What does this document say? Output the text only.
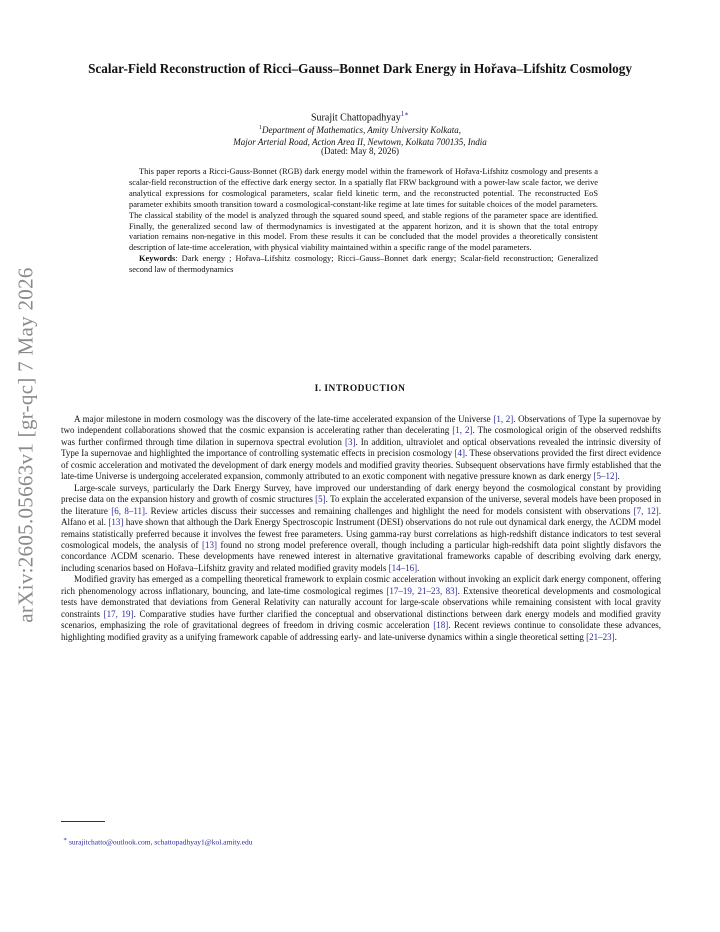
arXiv:2605.05663v1 [gr-qc] 7 May 2026
Scalar-Field Reconstruction of Ricci–Gauss–Bonnet Dark Energy in Hořava–Lifshitz Cosmology
Surajit Chattopadhyay$^{1∗}$
$^1$Department of Mathematics, Amity University Kolkata,
Major Arterial Road, Action Area II, Newtown, Kolkata 700135, India
(Dated: May 8, 2026)

This paper reports a Ricci-Gauss-Bonnet (RGB) dark energy model within the framework of Hořava-Lifshitz cosmology and presents a scalar-field reconstruction of the effective dark energy sector. In a spatially flat FRW background with a power-law scale factor, we derive analytical expressions for cosmological parameters, scalar field kinetic term, and the reconstructed potential. The reconstructed EoS parameter exhibits smooth transition toward a cosmological-constant-like regime at late times for suitable choices of the model parameters. The classical stability of the model is analyzed through the squared sound speed, and stable regions of the parameter space are identified. Finally, the generalized second law of thermodynamics is investigated at the apparent horizon, and it is shown that the total entropy variation remains non-negative in this model. From these results it can be concluded that the model provides a theoretically consistent description of late-time acceleration, with physical viability maintained within a specific range of the model parameters.

Keywords: Dark energy ; Hořava–Lifshitz cosmology; Ricci–Gauss–Bonnet dark energy; Scalar-field reconstruction; Generalized second law of thermodynamics

I. INTRODUCTION

A major milestone in modern cosmology was the discovery of the late-time accelerated expansion of the Universe [1, 2]. Observations of Type Ia supernovae by two independent collaborations showed that the cosmic expansion is accelerating rather than decelerating [1, 2]. The cosmological origin of the observed redshifts was further confirmed through time dilation in supernova spectral evolution [3]. In addition, ultraviolet and optical observations revealed the intrinsic diversity of Type Ia supernovae and highlighted the importance of controlling systematic effects in precision cosmology [4]. These observations provided the first direct evidence of cosmic acceleration and motivated the development of dark energy models and modified gravity theories. Subsequent observations have firmly established that the late-time Universe is undergoing accelerated expansion, commonly attributed to an exotic component with negative pressure known as dark energy [5–12].

Large-scale surveys, particularly the Dark Energy Survey, have improved our understanding of dark energy beyond the cosmological constant by providing precise data on the expansion history and growth of cosmic structures [5]. To explain the accelerated expansion of the universe, several models have been proposed in the literature [6, 8–11]. Review articles discuss their successes and remaining challenges and highlight the need for models consistent with observations [7, 12]. Alfano et al. [13] have shown that although the Dark Energy Spectroscopic Instrument (DESI) observations do not rule out dynamical dark energy, the ΛCDM model remains statistically preferred because it involves the fewest free parameters. Using gamma-ray burst correlations as high-redshift distance indicators to test several cosmological models, the analysis of [13] found no strong model preference overall, though including a particular high-redshift data point slightly disfavors the concordance ΛCDM scenario. These developments have renewed interest in alternative gravitational frameworks capable of describing evolving dark energy, including scenarios based on Hořava–Lifshitz gravity and related modified gravity models [14–16].

Modified gravity has emerged as a compelling theoretical framework to explain cosmic acceleration without invoking an explicit dark energy component, offering rich phenomenology across inflationary, bouncing, and late-time cosmological regimes [17–19, 21–23, 83]. Extensive theoretical developments and cosmological tests have demonstrated that deviations from General Relativity can naturally account for large-scale observations while remaining consistent with local gravity constraints [17, 19]. Comparative studies have further clarified the conceptual and observational distinctions between dark energy models and modified gravity scenarios, emphasizing the role of gravitational degrees of freedom in driving cosmic acceleration [18]. Recent reviews continue to consolidate these advances, highlighting modified gravity as a unifying framework capable of addressing early- and late-universe dynamics within a single theoretical setting [21–23].

∗ surajitchatto@outlook.com, schattopadhyay1@kol.amity.edu
